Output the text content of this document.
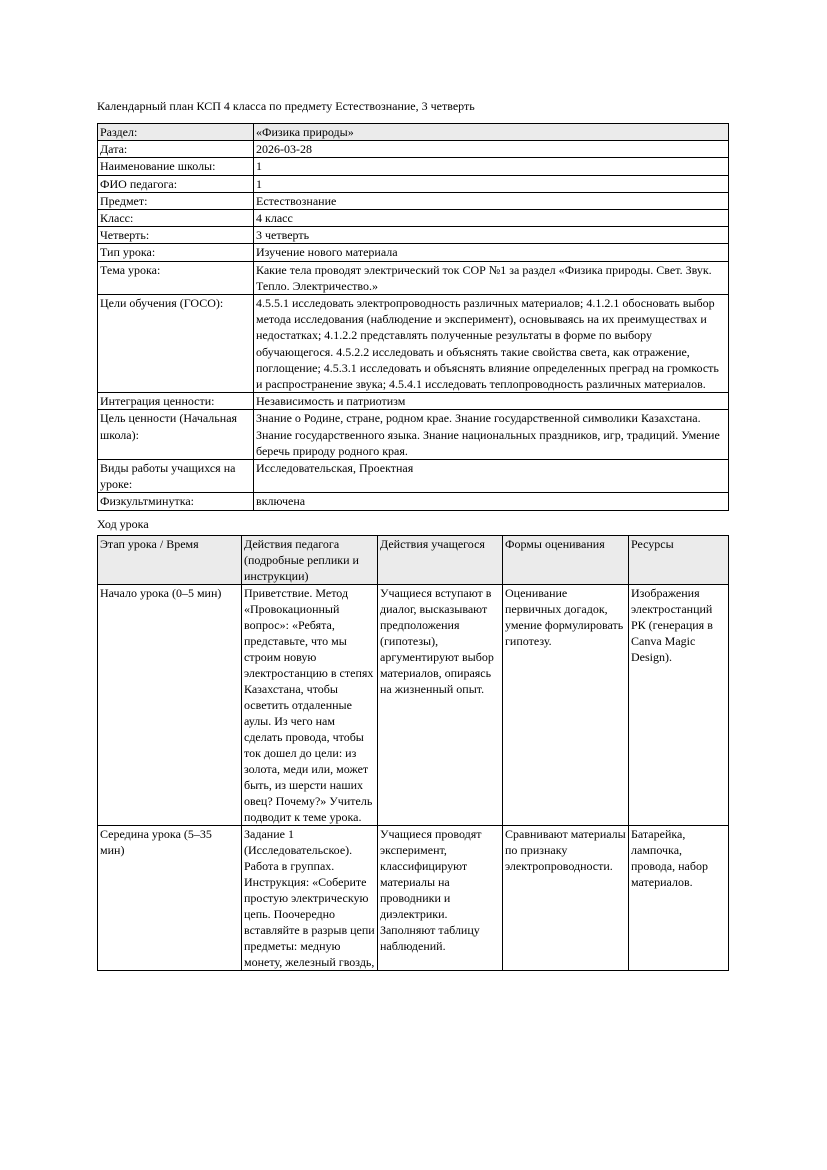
Календарный план КСП 4 класса по предмету Естествознание, 3 четверть
Раздел:	«Физика природы»
Дата:	2026-03-28
Наименование школы:	1
ФИО педагога:	1
Предмет:	Естествознание
Класс:	4 класс
Четверть:	3 четверть
Тип урока:	Изучение нового материала
Тема урока:	Какие тела проводят электрический ток СОР №1 за раздел «Физика природы. Свет. Звук. Тепло. Электричество.»
Цели обучения (ГОСО):	4.5.5.1 исследовать электропроводность различных материалов; 4.1.2.1 обосновать выбор метода исследования (наблюдение и эксперимент), основываясь на их преимуществах и недостатках; 4.1.2.2 представлять полученные результаты в форме по выбору обучающегося. 4.5.2.2 исследовать и объяснять такие свойства света, как отражение, поглощение; 4.5.3.1 исследовать и объяснять влияние определенных преград на громкость и распространение звука; 4.5.4.1 исследовать теплопроводность различных материалов.
Интеграция ценности:	Независимость и патриотизм
Цель ценности (Начальная школа):	Знание о Родине, стране, родном крае. Знание государственной символики Казахстана. Знание государственного языка. Знание национальных праздников, игр, традиций. Умение беречь природу родного края.
Виды работы учащихся на уроке:	Исследовательская, Проектная
Физкультминутка:	включена
Ход урока
Этап урока / Время	Действия педагога (подробные реплики и инструкции)	Действия учащегося	Формы оценивания	Ресурсы
Начало урока (0–5 мин)	Приветствие. Метод «Провокационный вопрос»: «Ребята, представьте, что мы строим новую электростанцию в степях Казахстана, чтобы осветить отдаленные аулы. Из чего нам сделать провода, чтобы ток дошел до цели: из золота, меди или, может быть, из шерсти наших овец? Почему?» Учитель подводит к теме урока.	Учащиеся вступают в диалог, высказывают предположения (гипотезы), аргументируют выбор материалов, опираясь на жизненный опыт.	Оценивание первичных догадок, умение формулировать гипотезу.	Изображения электростанций РК (генерация в Canva Magic Design).
Середина урока (5–35 мин)	Задание 1 (Исследовательское). Работа в группах. Инструкция: «Соберите простую электрическую цепь. Поочередно вставляйте в разрыв цепи предметы: медную монету, железный гвоздь,	Учащиеся проводят эксперимент, классифицируют материалы на проводники и диэлектрики. Заполняют таблицу наблюдений.	Сравнивают материалы по признаку электропроводности.	Батарейка, лампочка, провода, набор материалов.
